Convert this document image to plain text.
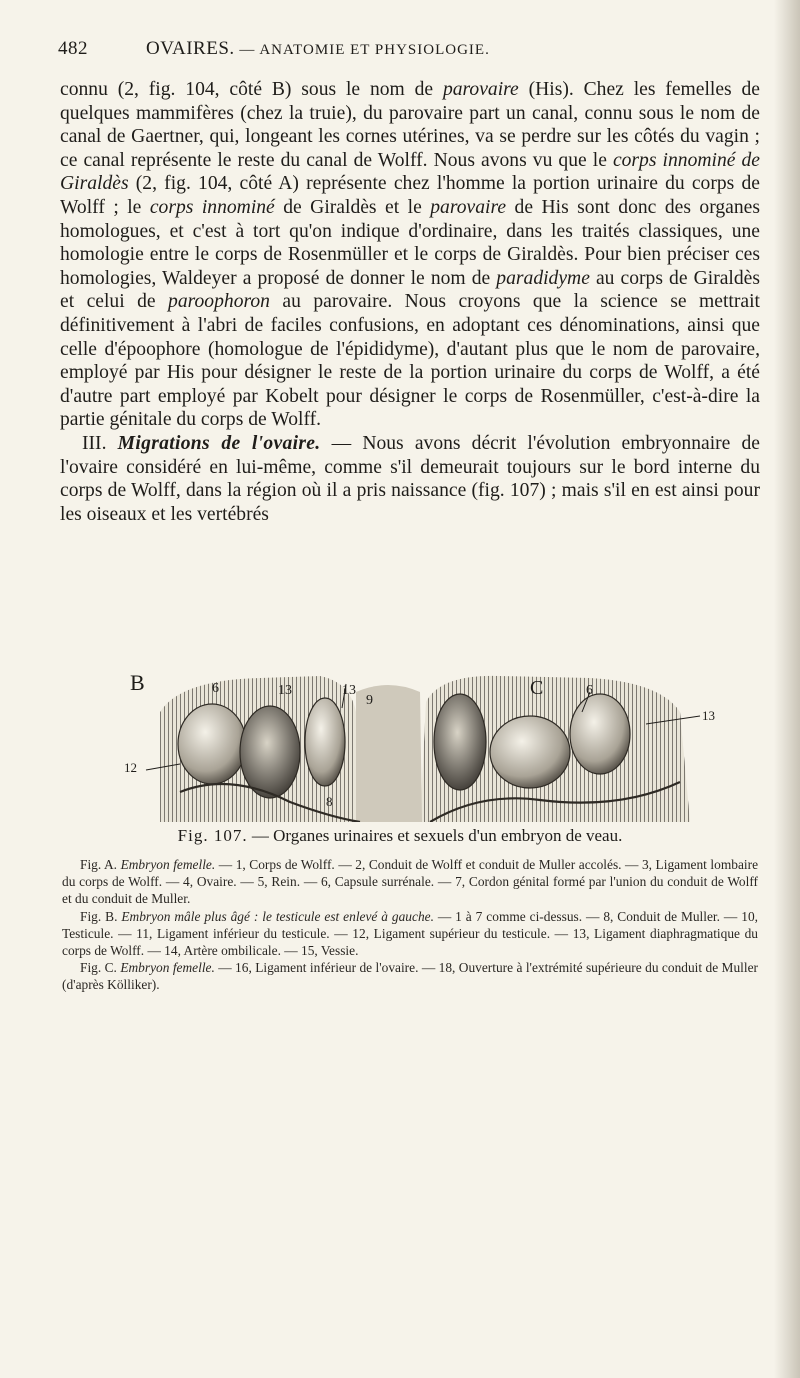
482	OVAIRES. — ANATOMIE ET PHYSIOLOGIE.

connu (2, fig. 104, côté B) sous le nom de parovaire (His). Chez les femelles de quelques mammifères (chez la truie), du parovaire part un canal, connu sous le nom de canal de Gaertner, qui, longeant les cornes utérines, va se perdre sur les côtés du vagin ; ce canal représente le reste du canal de Wolff. Nous avons vu que le corps innominé de Giraldès (2, fig. 104, côté A) représente chez l'homme la portion urinaire du corps de Wolff ; le corps innominé de Giraldès et le parovaire de His sont donc des organes homologues, et c'est à tort qu'on indique d'ordinaire, dans les traités classiques, une homologie entre le corps de Rosenmüller et le corps de Giraldès. Pour bien préciser ces homologies, Waldeyer a proposé de donner le nom de paradidyme au corps de Giraldès et celui de paroophoron au parovaire. Nous croyons que la science se mettrait définitivement à l'abri de faciles confusions, en adoptant ces dénominations, ainsi que celle d'époophore (homologue de l'épididyme), d'autant plus que le nom de parovaire, employé par His pour désigner le reste de la portion urinaire du corps de Wolff, a été d'autre part employé par Kobelt pour désigner le corps de Rosenmüller, c'est-à-dire la partie génitale du corps de Wolff.

III. Migrations de l'ovaire. — Nous avons décrit l'évolution embryonnaire de l'ovaire considéré en lui-même, comme s'il demeurait toujours sur le bord interne du corps de Wolff, dans la région où il a pris naissance (fig. 107) ; mais s'il en est ainsi pour les oiseaux et les vertébrés

B	6	13
9
13	C	6
13
12
8
Fig. 107. — Organes urinaires et sexuels d'un embryon de veau.

Fig. A. Embryon femelle. — 1, Corps de Wolff. — 2, Conduit de Wolff et conduit de Muller accolés. — 3, Ligament lombaire du corps de Wolff. — 4, Ovaire. — 5, Rein. — 6, Capsule surrénale. — 7, Cordon génital formé par l'union du conduit de Wolff et du conduit de Muller.

Fig. B. Embryon mâle plus âgé : le testicule est enlevé à gauche. — 1 à 7 comme ci-dessus. — 8, Conduit de Muller. — 10, Testicule. — 11, Ligament inférieur du testicule. — 12, Ligament supérieur du testicule. — 13, Ligament diaphragmatique du corps de Wolff. — 14, Artère ombilicale. — 15, Vessie.

Fig. C. Embryon femelle. — 16, Ligament inférieur de l'ovaire. — 18, Ouverture à l'extrémité supérieure du conduit de Muller (d'après Kölliker).
